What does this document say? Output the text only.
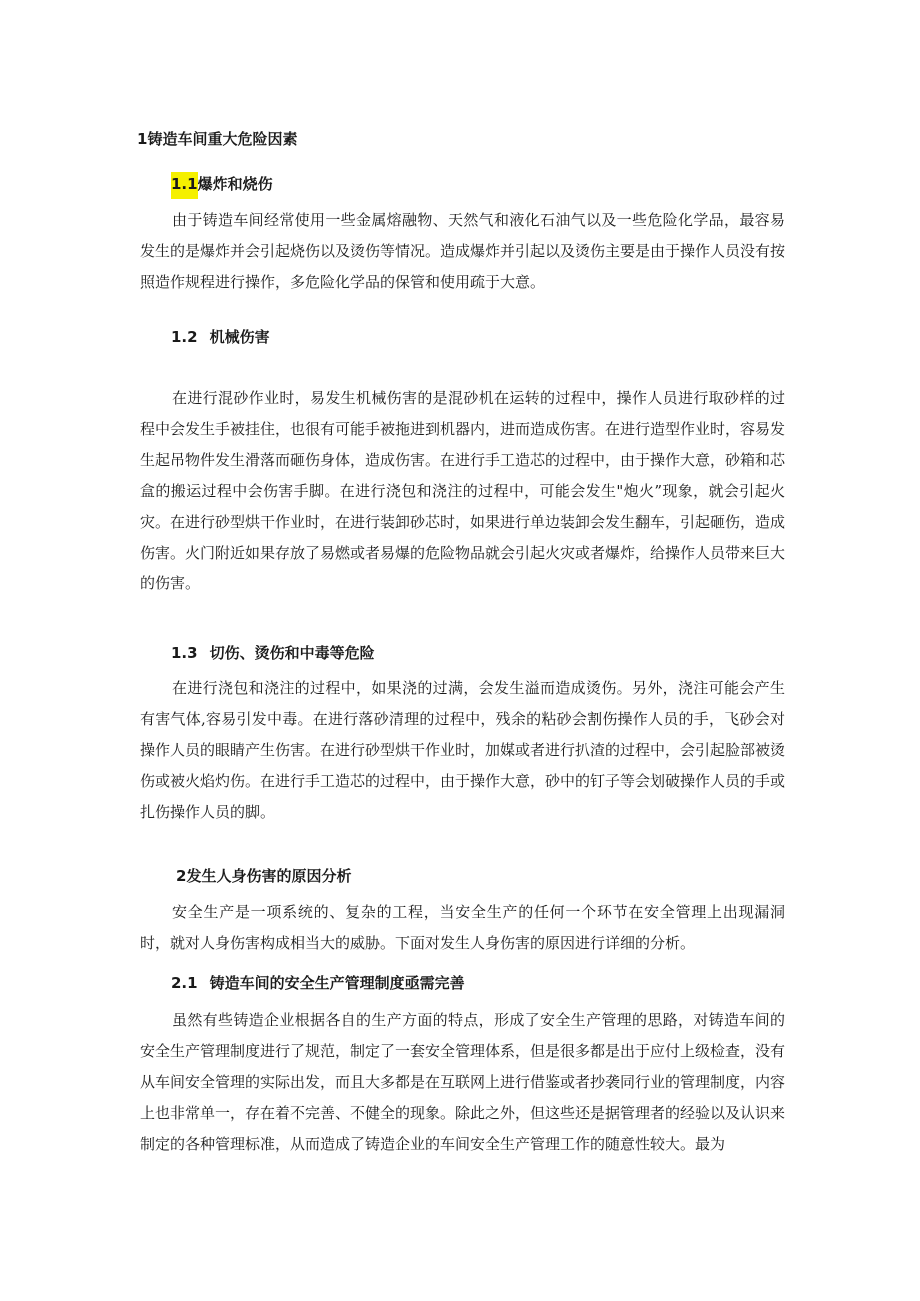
1铸造车间重大危险因素
1.1爆炸和烧伤

由于铸造车间经常使用一些金属熔融物、天然气和液化石油气以及一些危险化学品，最容易发生的是爆炸并会引起烧伤以及烫伤等情况。造成爆炸并引起以及烫伤主要是由于操作人员没有按照造作规程进行操作，多危险化学品的保管和使用疏于大意。

1.2 机械伤害

在进行混砂作业时，易发生机械伤害的是混砂机在运转的过程中，操作人员进行取砂样的过程中会发生手被挂住，也很有可能手被拖进到机器内，进而造成伤害。在进行造型作业时，容易发生起吊物件发生滑落而砸伤身体，造成伤害。在进行手工造芯的过程中，由于操作大意，砂箱和芯盒的搬运过程中会伤害手脚。在进行浇包和浇注的过程中，可能会发生"炮火”现象，就会引起火灾。在进行砂型烘干作业时，在进行装卸砂芯时，如果进行单边装卸会发生翻车，引起砸伤，造成伤害。火门附近如果存放了易燃或者易爆的危险物品就会引起火灾或者爆炸，给操作人员带来巨大的伤害。

1.3 切伤、烫伤和中毒等危险

在进行浇包和浇注的过程中，如果浇的过满，会发生溢而造成烫伤。另外，浇注可能会产生有害气体,容易引发中毒。在进行落砂清理的过程中，残余的粘砂会割伤操作人员的手，飞砂会对操作人员的眼睛产生伤害。在进行砂型烘干作业时，加媒或者进行扒渣的过程中，会引起脸部被烫伤或被火焰灼伤。在进行手工造芯的过程中，由于操作大意，砂中的钉子等会划破操作人员的手或扎伤操作人员的脚。

2发生人身伤害的原因分析

安全生产是一项系统的、复杂的工程，当安全生产的任何一个环节在安全管理上出现漏洞时，就对人身伤害构成相当大的威胁。下面对发生人身伤害的原因进行详细的分析。

2.1 铸造车间的安全生产管理制度亟需完善

虽然有些铸造企业根据各自的生产方面的特点，形成了安全生产管理的思路，对铸造车间的安全生产管理制度进行了规范，制定了一套安全管理体系，但是很多都是出于应付上级检查，没有从车间安全管理的实际出发，而且大多都是在互联网上进行借鉴或者抄袭同行业的管理制度，内容上也非常单一，存在着不完善、不健全的现象。除此之外，但这些还是据管理者的经验以及认识来制定的各种管理标准，从而造成了铸造企业的车间安全生产管理工作的随意性较大。最为
